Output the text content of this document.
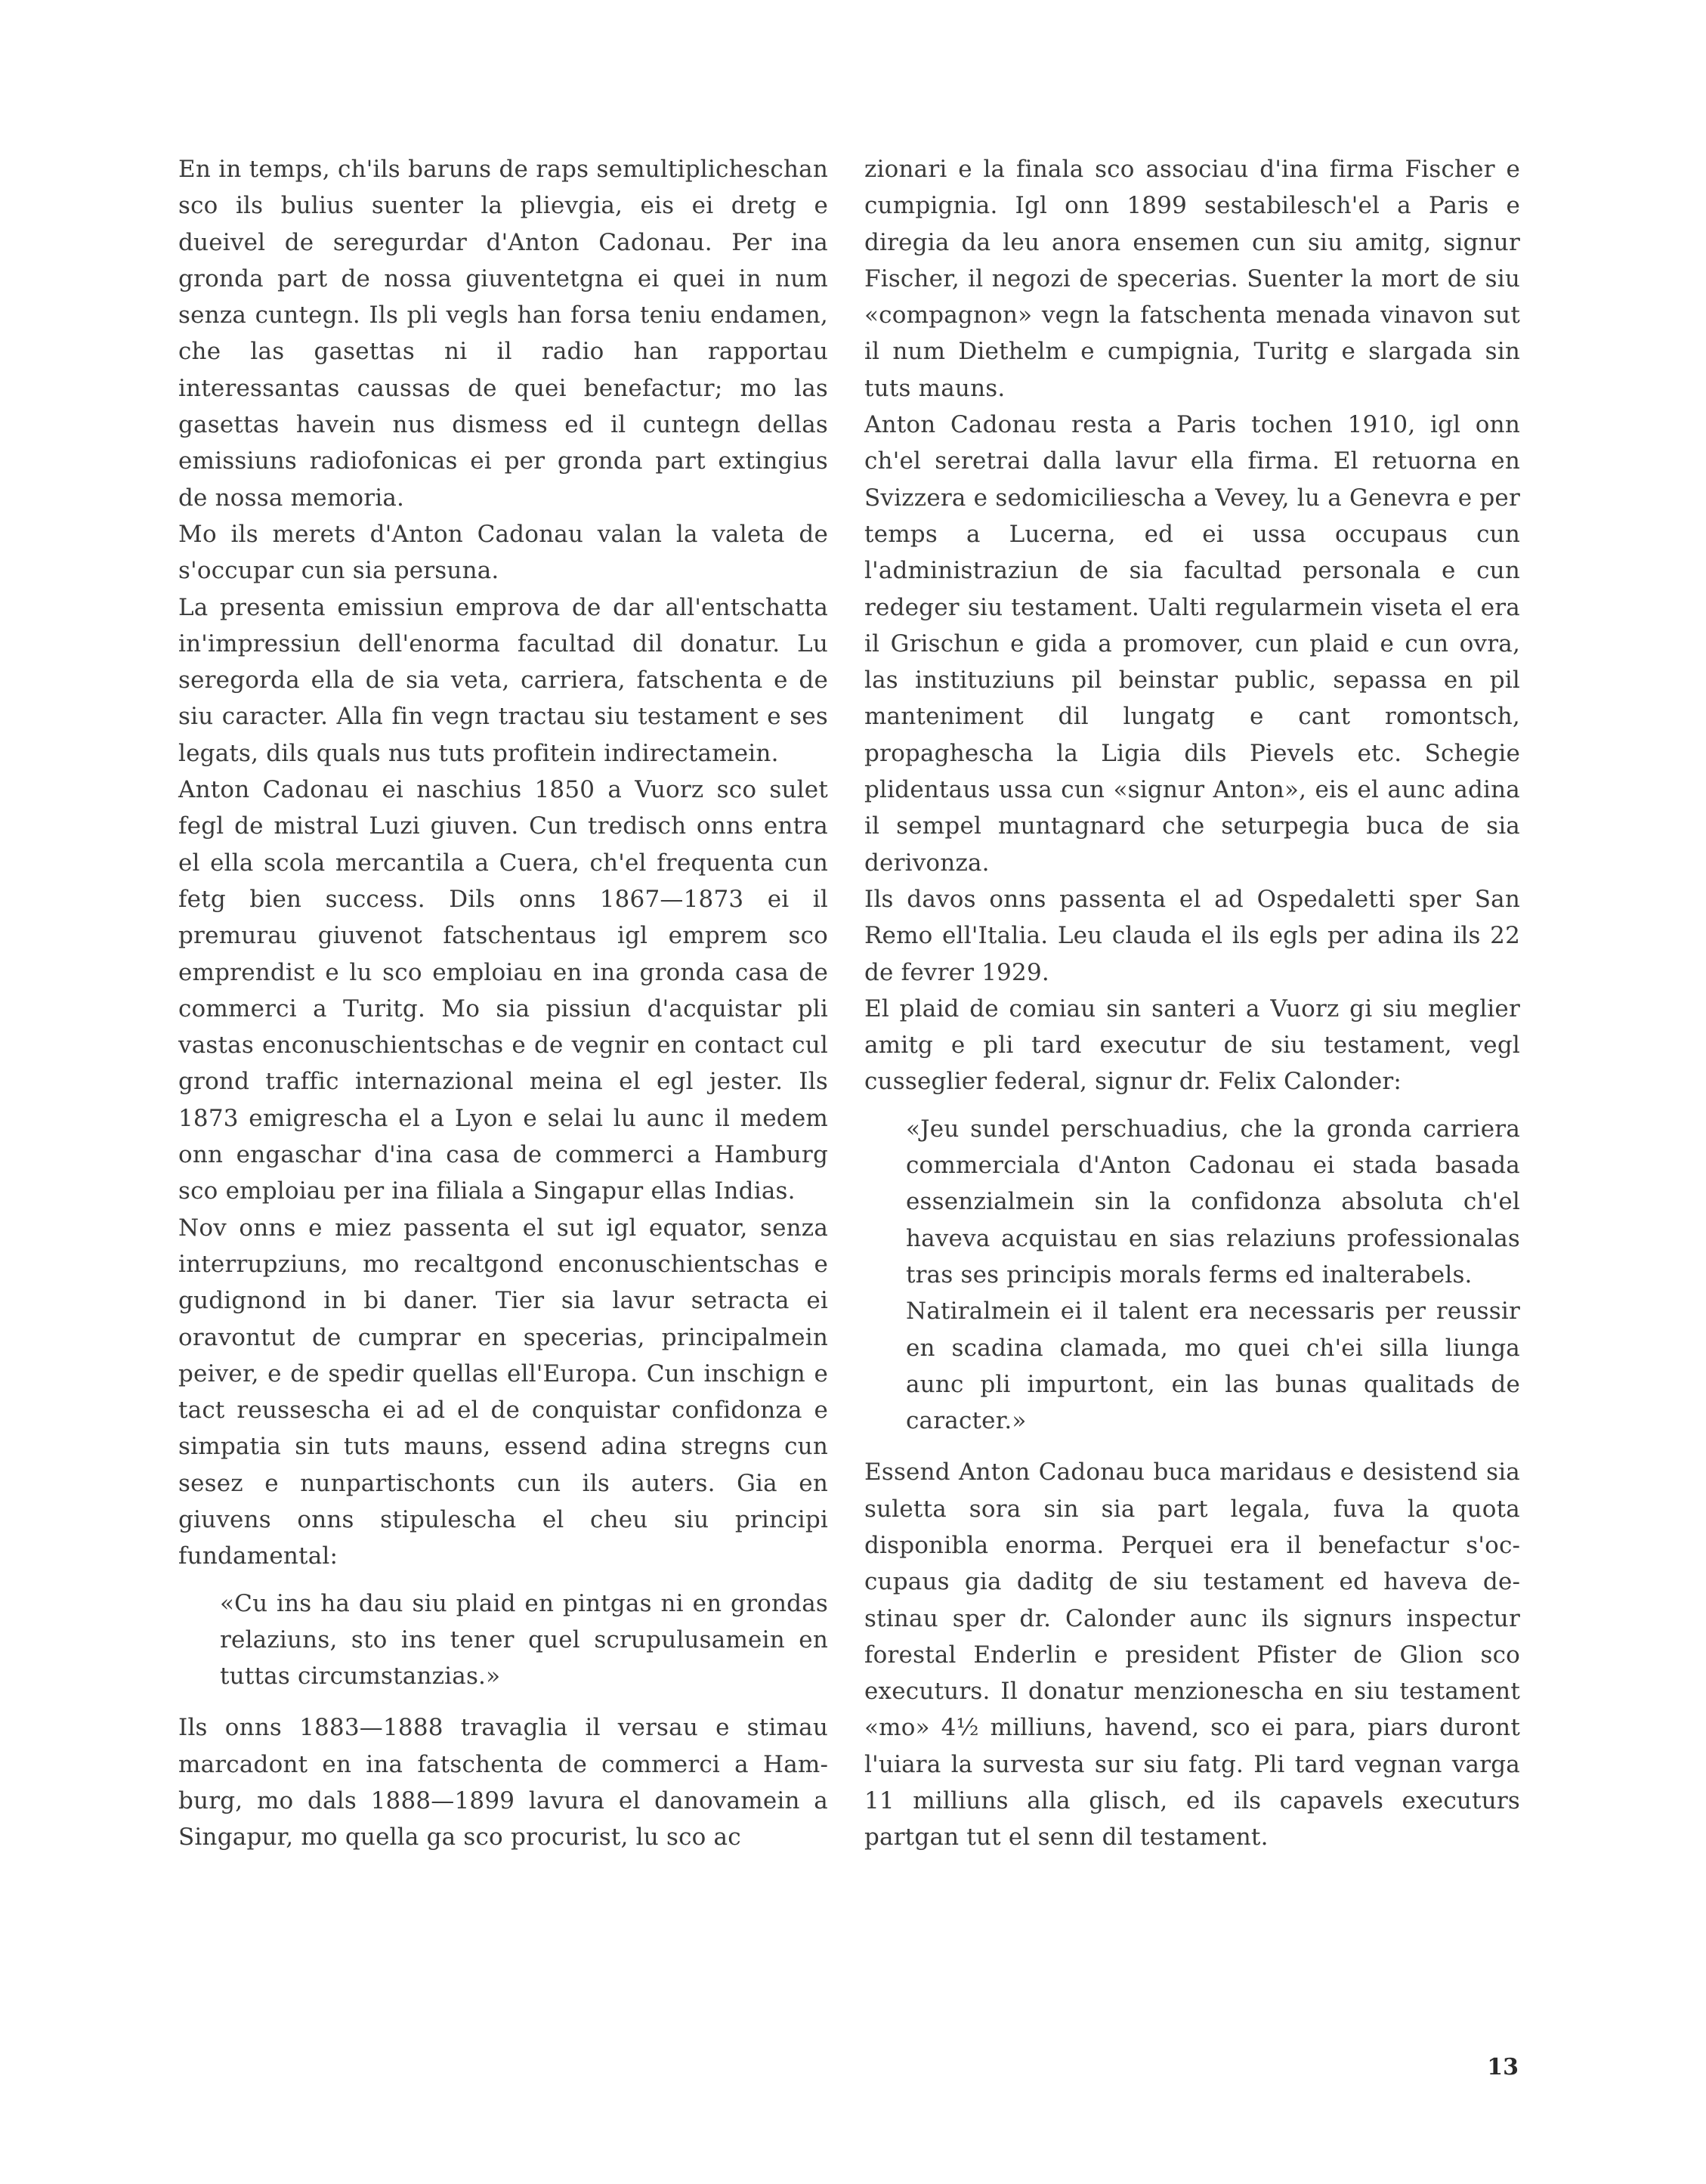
En in temps, ch'ils baruns de raps semultiplicheschan sco ils bulius suenter la plievgia, eis ei dretg e dueivel de seregurdar d'Anton Cadonau. Per ina gronda part de nossa giuventetgna ei quei in num senza cuntegn. Ils pli vegls han forsa teniu endamen, che las gasettas ni il radio han rapportau interessantas caussas de quei benefactur; mo las gasettas havein nus dismess ed il cuntegn dellas emissiuns radiofonicas ei per gronda part extingius de nossa memoria.

Mo ils merets d'Anton Cadonau valan la valeta de s'occupar cun sia persuna.

La presenta emissiun emprova de dar all'entschatta in'impressiun dell'enorma facultad dil donatur. Lu seregorda ella de sia veta, carriera, fatschenta e de siu caracter. Alla fin vegn tractau siu testament e ses legats, dils quals nus tuts profitein indirectamein.

Anton Cadonau ei naschius 1850 a Vuorz sco sulet fegl de mistral Luzi giuven. Cun tredisch onns entra el ella scola mercantila a Cuera, ch'el frequenta cun fetg bien success. Dils onns 1867—1873 ei il premurau giuvenot fatschentaus igl emprem sco emprendist e lu sco emploiau en ina gronda casa de commerci a Turitg. Mo sia pissiun d'acquistar pli vastas enconuschientschas e de vegnir en contact cul grond traffic internazional meina el egl jester. Ils 1873 emigrescha el a Lyon e selai lu aunc il medem onn engaschar d'ina casa de commerci a Hamburg sco emploiau per ina filiala a Singapur ellas Indias.

Nov onns e miez passenta el sut igl equator, senza interrupziuns, mo recaltgond enconuschientschas e gudignond in bi daner. Tier sia lavur setracta ei oravontut de cumprar en specerias, principalmein peiver, e de spedir quellas ell'Europa. Cun inschign e tact reussescha ei ad el de conquistar confidonza e simpatia sin tuts mauns, essend adina stregns cun sesez e nunpartischonts cun ils auters. Gia en giuvens onns stipulescha el cheu siu principi fundamental:

«Cu ins ha dau siu plaid en pintgas ni en grondas relaziuns, sto ins tener quel scrupulusamein en tuttas circumstanzias.»

Ils onns 1883—1888 travaglia il versau e stimau marcadont en ina fatschenta de commerci a Hamburg, mo dals 1888—1899 lavura el danovamein a Singapur, mo quella ga sco procurist, lu sco ac

zionari e la finala sco associau d'ina firma Fischer e cumpignia. Igl onn 1899 sestabilesch'el a Paris e diregia da leu anora ensemen cun siu amitg, signur Fischer, il negozi de specerias. Suenter la mort de siu «compagnon» vegn la fatschenta menada vinavon sut il num Diethelm e cumpignia, Turitg e slargada sin tuts mauns.

Anton Cadonau resta a Paris tochen 1910, igl onn ch'el seretrai dalla lavur ella firma. El retuorna en Svizzera e sedomiciliescha a Vevey, lu a Genevra e per temps a Lucerna, ed ei ussa occupaus cun l'administraziun de sia facultad personala e cun redeger siu testament. Ualti regularmein viseta el era il Grischun e gida a promover, cun plaid e cun ovra, las instituziuns pil beinstar public, sepassa en pil manteniment dil lungatg e cant romontsch, propaghescha la Ligia dils Pievels etc. Schegie plidentaus ussa cun «signur Anton», eis el aunc adina il sempel muntagnard che seturpegia buca de sia derivonza.

Ils davos onns passenta el ad Ospedaletti sper San Remo ell'Italia. Leu clauda el ils egls per adina ils 22 de fevrer 1929.

El plaid de comiau sin santeri a Vuorz gi siu meglier amitg e pli tard executur de siu testament, vegl cusseglier federal, signur dr. Felix Calonder:

«Jeu sundel perschuadius, che la gronda carriera commerciala d'Anton Cadonau ei stada basada essenzialmein sin la confidonza absoluta ch'el haveva acquistau en sias relaziuns professionalas tras ses principis morals ferms ed inalterabels.

Natiralmein ei il talent era necessaris per reussir en scadina clamada, mo quei ch'ei silla liunga aunc pli impurtont, ein las bunas qualitads de caracter.»

Essend Anton Cadonau buca maridaus e desistend sia suletta sora sin sia part legala, fuva la quota disponibla enorma. Perquei era il benefactur s'occupaus gia daditg de siu testament ed haveva destinau sper dr. Calonder aunc ils signurs inspectur forestal Enderlin e president Pfister de Glion sco executurs. Il donatur menzionescha en siu testament «mo» 4½ milliuns, havend, sco ei para, piars duront l'uiara la survesta sur siu fatg. Pli tard vegnan varga 11 milliuns alla glisch, ed ils capavels executurs partgan tut el senn dil testament.

13
